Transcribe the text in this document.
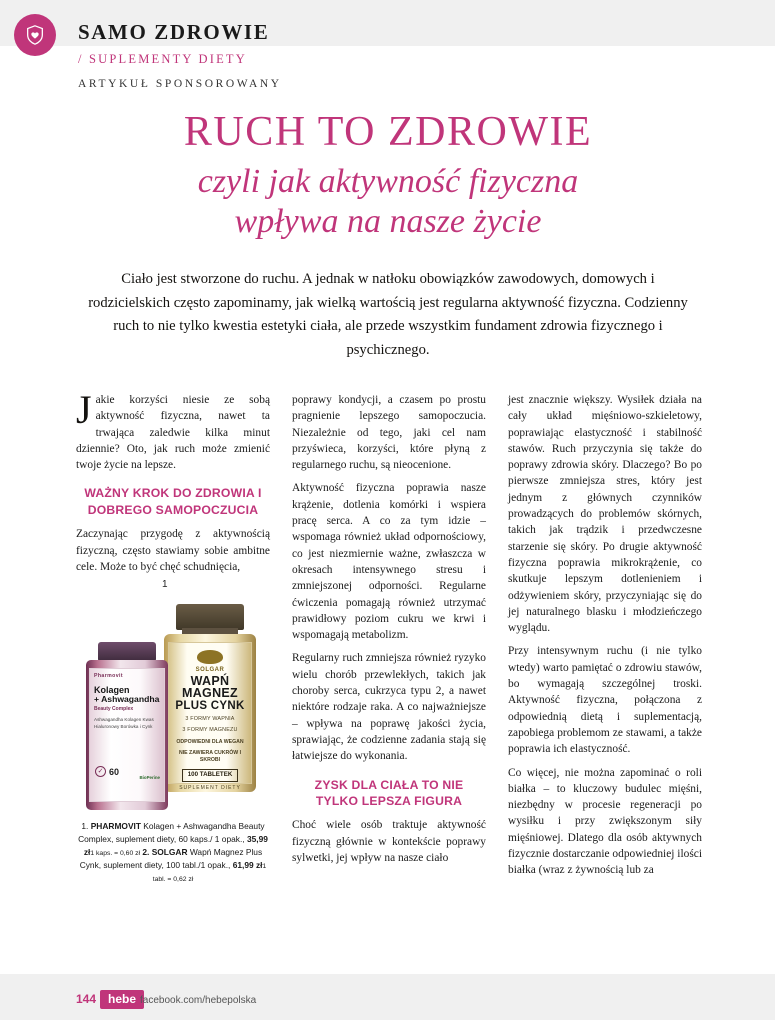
SAMO ZDROWIE
/ SUPLEMENTY DIETY
ARTYKUŁ SPONSOROWANY
RUCH TO ZDROWIE
czyli jak aktywność fizyczna
wpływa na nasze życie
Ciało jest stworzone do ruchu. A jednak w natłoku obowiązków zawodowych, domowych i rodzicielskich często zapominamy, jak wielką wartością jest regularna aktywność fizyczna. Codzienny ruch to nie tylko kwestia estetyki ciała, ale przede wszystkim fundament zdrowia fizycznego i psychicznego.

Jakie korzyści niesie ze sobą aktywność fizyczna, nawet ta trwająca zaledwie kilka minut dziennie? Oto, jak ruch może zmienić twoje życie na lepsze.

WAŻNY KROK DO ZDROWIA I DOBREGO SAMOPOCZUCIA

Zaczynając przygodę z aktywnością fizyczną, często stawiamy sobie ambitne cele. Może to być chęć schudnięcia,

1
SOLGAR
WAPŃ MAGNEZ
PLUS CYNK
3 FORMY WAPNIA
3 FORMY MAGNEZU
ODPOWIEDNI DLA WEGAN
NIE ZAWIERA CUKRÓW I SKROBI
100 TABLETEK
SUPLEMENT DIETY
Pharmovit
Kolagen
+ Ashwagandha
Beauty Complex
Ashwagandha Kolagen Kwas Hialuronowy Borówka i Cynk
✓ 60
BioPerine
1. PHARMOVIT Kolagen + Ashwagandha Beauty Complex, suplement diety, 60 kaps./ 1 opak., 35,99 zł1 kaps. = 0,60 zł 2. SOLGAR Wapń Magnez Plus Cynk, suplement diety, 100 tabl./1 opak., 61,99 zł1 tabl. = 0,62 zł

poprawy kondycji, a czasem po prostu pragnienie lepszego samopoczucia. Niezależnie od tego, jaki cel nam przyświeca, korzyści, które płyną z regularnego ruchu, są nieocenione.

Aktywność fizyczna poprawia nasze krążenie, dotlenia komórki i wspiera pracę serca. A co za tym idzie – wspomaga również układ odpornościowy, co jest niezmiernie ważne, zwłaszcza w okresach intensywnego stresu i zmniejszonej odporności. Regularne ćwiczenia pomagają również utrzymać prawidłowy poziom cukru we krwi i wspomagają metabolizm.

Regularny ruch zmniejsza również ryzyko wielu chorób przewlekłych, takich jak choroby serca, cukrzyca typu 2, a nawet niektóre rodzaje raka. A co najważniejsze – wpływa na poprawę jakości życia, sprawiając, że codzienne zadania stają się łatwiejsze do wykonania.

ZYSK DLA CIAŁA TO NIE TYLKO LEPSZA FIGURA

Choć wiele osób traktuje aktywność fizyczną głównie w kontekście poprawy sylwetki, jej wpływ na nasze ciało

jest znacznie większy. Wysiłek działa na cały układ mięśniowo-szkieletowy, poprawiając elastyczność i stabilność stawów. Ruch przyczynia się także do poprawy zdrowia skóry. Dlaczego? Bo po pierwsze zmniejsza stres, który jest jednym z głównych czynników prowadzących do problemów skórnych, takich jak trądzik i przedwczesne starzenie się skóry. Po drugie aktywność fizyczna poprawia mikrokrążenie, co skutkuje lepszym dotlenieniem i odżywieniem skóry, przyczyniając się do jej naturalnego blasku i młodzieńczego wyglądu.

Przy intensywnym ruchu (i nie tylko wtedy) warto pamiętać o zdrowiu stawów, bo wymagają szczególnej troski. Aktywność fizyczna, połączona z odpowiednią dietą i suplementacją, zapobiega problemom ze stawami, a także poprawia ich elastyczność.

Co więcej, nie można zapominać o roli białka – to kluczowy budulec mięśni, niezbędny w procesie regeneracji po wysiłku i przy zwiększonym siły mięśniowej. Dlatego dla osób aktywnych fizycznie dostarczanie odpowiedniej ilości białka (wraz z żywnością lub za

144 hebe facebook.com/hebepolska
